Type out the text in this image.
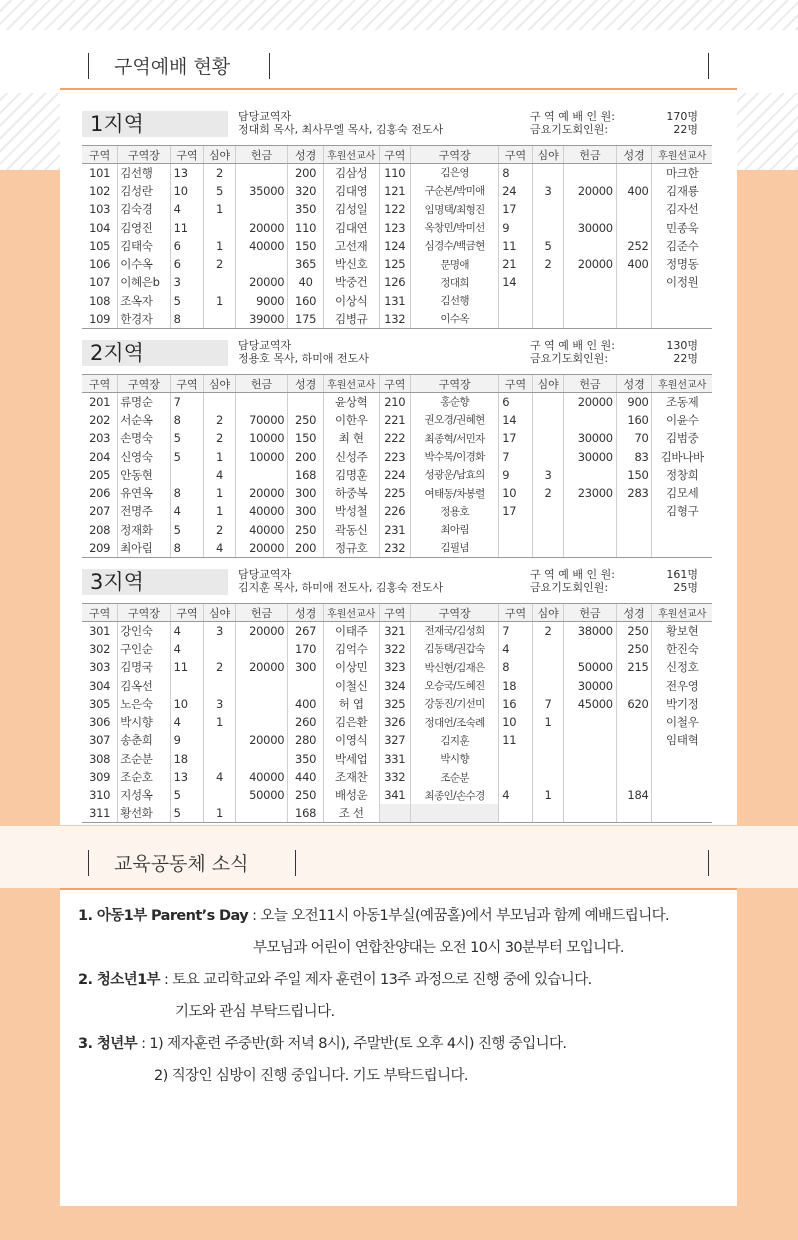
구역예배 현황
1지역	담당교역자
정대희 목사, 최사무엘 목사, 김홍숙 전도사
구 역 예 배 인 원:	170명
금요기도회인원:	22명
구역	구역장	구역	심야	헌금	성경	후원선교사	구역	구역장	구역	심야	헌금	성경	후원선교사
101	김선행	13	2		200	김삼성	110	김은영	8				마크한
102	김성란	10	5	35000	320	김대영	121	구순본/박미애	24	3	20000	400	김재룡
103	김숙경	4	1		350	김성일	122	임명택/최형진	17				김자선
104	김영진	11		20000	110	김대연	123	옥창민/박미선	9		30000		민종욱
105	김태숙	6	1	40000	150	고선재	124	심경수/백금현	11	5		252	김준수
106	이수옥	6	2		365	박신호	125	문명애	21	2	20000	400	정명동
107	이혜은b	3		20000	40	박중건	126	정대희	14				이정원
108	조옥자	5	1	9000	160	이상식	131	김선행					
109	한경자	8		39000	175	김병규	132	이수옥					
2지역	담당교역자
정용호 목사, 하미애 전도사
구 역 예 배 인 원:	130명
금요기도회인원:	22명
구역	구역장	구역	심야	헌금	성경	후원선교사	구역	구역장	구역	심야	헌금	성경	후원선교사
201	류명순	7				윤상혁	210	홍순향	6		20000	900	조동제
202	서순옥	8	2	70000	250	이한우	221	권오경/권혜현	14			160	이윤수
203	손명숙	5	2	10000	150	최 현	222	최종혁/서민자	17		30000	70	김범중
204	신영숙	5	1	10000	200	신성주	223	박수묵/이경화	7		30000	83	김바나바
205	안동현		4		168	김명훈	224	성광운/남효의	9	3		150	정창희
206	유연옥	8	1	20000	300	하중복	225	여태동/차봉렬	10	2	23000	283	김모세
207	전명주	4	1	40000	300	박성철	226	정용호	17				김형구
208	정재화	5	2	40000	250	곽동신	231	최아림					
209	최아림	8	4	20000	200	정규호	232	김필념					
3지역	담당교역자
김지훈 목사, 하미애 전도사, 김홍숙 전도사
구 역 예 배 인 원:	161명
금요기도회인원:	25명
구역	구역장	구역	심야	헌금	성경	후원선교사	구역	구역장	구역	심야	헌금	성경	후원선교사
301	강인숙	4	3	20000	267	이태주	321	전재국/김성희	7	2	38000	250	황보현
302	구인순	4			170	김억수	322	김동택/권갑숙	4			250	한진숙
303	김명국	11	2	20000	300	이상민	323	박신현/김재은	8		50000	215	신정호
304	김옥선					이철신	324	오승국/도혜진	18		30000		전우영
305	노은숙	10	3		400	허 엽	325	강동진/기선미	16	7	45000	620	박기정
306	박시향	4	1		260	김은환	326	정대언/조숙례	10	1			이철우
307	송춘희	9		20000	280	이영식	327	김지훈	11				임태혁
308	조순분	18			350	박세업	331	박시향					
309	조순호	13	4	40000	440	조재찬	332	조순분					
310	지성옥	5		50000	250	배성운	341	최종인/손수경	4	1		184	
311	황선화	5	1		168	조 선							
교육공동체 소식
1. 아동1부 Parent’s Day : 오늘 오전11시 아동1부실(예꿈홀)에서 부모님과 함께 예배드립니다.
부모님과 어린이 연합찬양대는 오전 10시 30분부터 모입니다.
2. 청소년1부 : 토요 교리학교와 주일 제자 훈련이 13주 과정으로 진행 중에 있습니다.
기도와 관심 부탁드립니다.
3. 청년부 : 1) 제자훈련 주중반(화 저녁 8시), 주말반(토 오후 4시) 진행 중입니다.
2) 직장인 심방이 진행 중입니다. 기도 부탁드립니다.
